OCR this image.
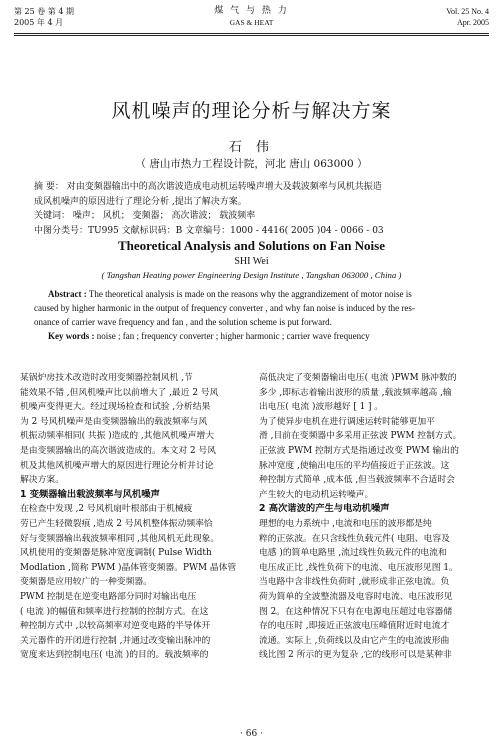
第 25 卷 第 4 期
2005 年 4 月
煤 气 与 热 力
GAS & HEAT
Vol. 25 No. 4
Apr. 2005
风机噪声的理论分析与解决方案
石 伟
（ 唐山市热力工程设计院，河北 唐山 063000 ）
摘 要： 对由变频器输出中的高次谐波造成电动机运转噪声增大及载波频率与风机共振造
成风机噪声的原因进行了理论分析 ,提出了解决方案。
关键词： 噪声； 风机； 变频器； 高次谐波； 载波频率
中图分类号：TU995 文献标识码：B 文章编号：1000 - 4416( 2005 )04 - 0066 - 03
Theoretical Analysis and Solutions on Fan Noise
SHI Wei
( Tangshan Heating power Engineering Design Institute , Tangshan 063000 , China )
Abstract : The theoretical analysis is made on the reasons why the aggrandizement of motor noise is
caused by higher harmonic in the output of frequency converter , and why fan noise is induced by the res-
onance of carrier wave frequency and fan , and the solution scheme is put forward.
Key words : noise ; fan ; frequency converter ; higher harmonic ; carrier wave frequency
某锅炉房技术改造时改用变频器控制风机 ,节
能效果不错 ,但风机噪声比以前增大了 ,最近 2 号风
机噪声变得更大。经过现场检查和试验 ,分析结果
为 2 号风机噪声是由变频器输出的载波频率与风
机振动频率相同( 共振 )造成的 ,其他风机噪声增大
是由变频器输出的高次谐波造成的。本文对 2 号风
机及其他风机噪声增大的原因进行理论分析并讨论
解决方案。
1 变频器输出载波频率与风机噪声
在检查中发现 ,2 号风机扇叶根部由于机械疲
劳已产生轻微裂痕 ,造成 2 号风机整体振动频率恰
好与变频器输出载波频率相同 ,其他风机无此现象。
风机使用的变频器是脉冲宽度调制( Pulse Width
Modlation ,简称 PWM )晶体管变频器。PWM 晶体管
变频器是应用较广的一种变频器。
PWM 控制是在逆变电路部分同时对输出电压
( 电流 )的幅值和频率进行控制的控制方式。在这
种控制方式中 ,以较高频率对逆变电路的半导体开
关元器件的开闭进行控制 ,并通过改变输出脉冲的
宽度来达到控制电压( 电流 )的目的。载波频率的
高低决定了变频器输出电压( 电流 )PWM 脉冲数的
多少 ,即标志着输出波形的质量 ,载波频率越高 ,输
出电压( 电流 )波形越好 [ 1 ] 。
为了使异步电机在进行调速运转时能够更加平
滑 ,目前在变频器中多采用正弦波 PWM 控制方式。
正弦波 PWM 控制方式是指通过改变 PWM 输出的
脉冲宽度 ,使输出电压的平均值接近于正弦波。这
种控制方式简单 ,成本低 ,但当载波频率不合适时会
产生较大的电动机运转噪声。
2 高次谐波的产生与电动机噪声
理想的电力系统中 ,电流和电压的波形都是纯
粹的正弦波。在只含线性负载元件( 电阻、电容及
电感 )的简单电路里 ,流过线性负载元件的电流和
电压成正比 ,线性负荷下的电流、电压波形见图 1。
当电路中含非线性负荷时 ,就形成非正弦电流。负
荷为简单的全波整流器及电容时电流、电压波形见
图 2。在这种情况下只有在电源电压超过电容器储
存的电压时 ,即接近正弦波电压峰值附近时电流才
流通。实际上 ,负荷线以及由它产生的电流波形曲
线比图 2 所示的更为复杂 ,它的线形可以是某种非
· 66 ·
